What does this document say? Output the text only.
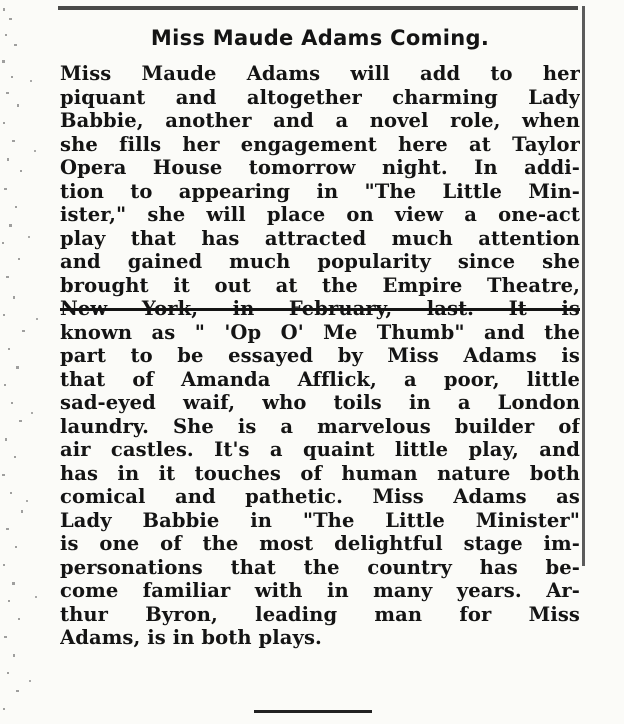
Miss Maude Adams Coming.
Miss Maude Adams will add to her
piquant and altogether charming Lady
Babbie, another and a novel role, when
she fills her engagement here at Taylor
Opera House tomorrow night. In addi-
tion to appearing in "The Little Min-
ister," she will place on view a one-act
play that has attracted much attention
and gained much popularity since she
brought it out at the Empire Theatre,
New York, in February, last. It is
known as " 'Op O' Me Thumb" and the
part to be essayed by Miss Adams is
that of Amanda Afflick, a poor, little
sad-eyed waif, who toils in a London
laundry. She is a marvelous builder of
air castles. It's a quaint little play, and
has in it touches of human nature both
comical and pathetic. Miss Adams as
Lady Babbie in "The Little Minister"
is one of the most delightful stage im-
personations that the country has be-
come familiar with in many years. Ar-
thur Byron, leading man for Miss
Adams, is in both plays.
